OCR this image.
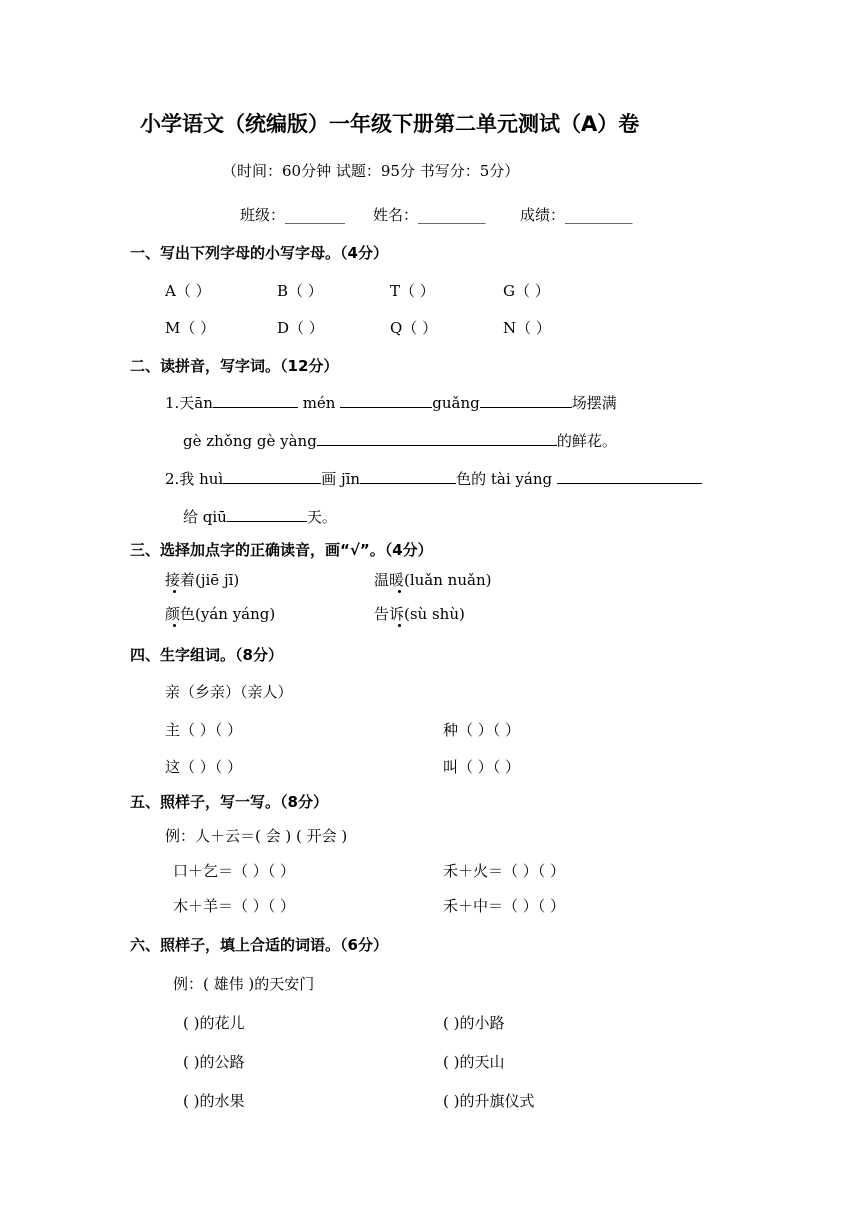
小学语文（统编版）一年级下册第二单元测试（A）卷
（时间：60分钟 试题：95分 书写分：5分）
班级：________ 姓名：_________ 成绩：_________
一、写出下列字母的小写字母。（4分）
A（ ）	B（ ）	T（ ）	G（ ）
M（ ）	D（ ）	Q（ ）	N（ ）
二、读拼音，写字词。（12分）
1.天ān	mén	guǎng	场摆满
gè zhǒng gè yàng	的鲜花。
2.我 huì	画 jīn	色的 tài yáng
给 qiū	天。
三、选择加点字的正确读音，画“√”。（4分）
接着(jiē jī)	温暖(luǎn nuǎn)
颜色(yán yáng)	告诉(sù shù)
四、生字组词。（8分）
亲（乡亲）（亲人）
主（ ）（ ）	种（ ）（ ）
这（ ）（ ）	叫（ ）（ ）
五、照样子，写一写。（8分）
例：人＋云＝( 会 ) ( 开会 )
口＋乞＝（ ）（ ）	禾＋火＝（ ）（ ）
木＋羊＝（ ）（ ）	禾＋中＝（ ）（ ）
六、照样子，填上合适的词语。（6分）
例：( 雄伟 )的天安门
( )的花儿	( )的小路
( )的公路	( )的天山
( )的水果	( )的升旗仪式
